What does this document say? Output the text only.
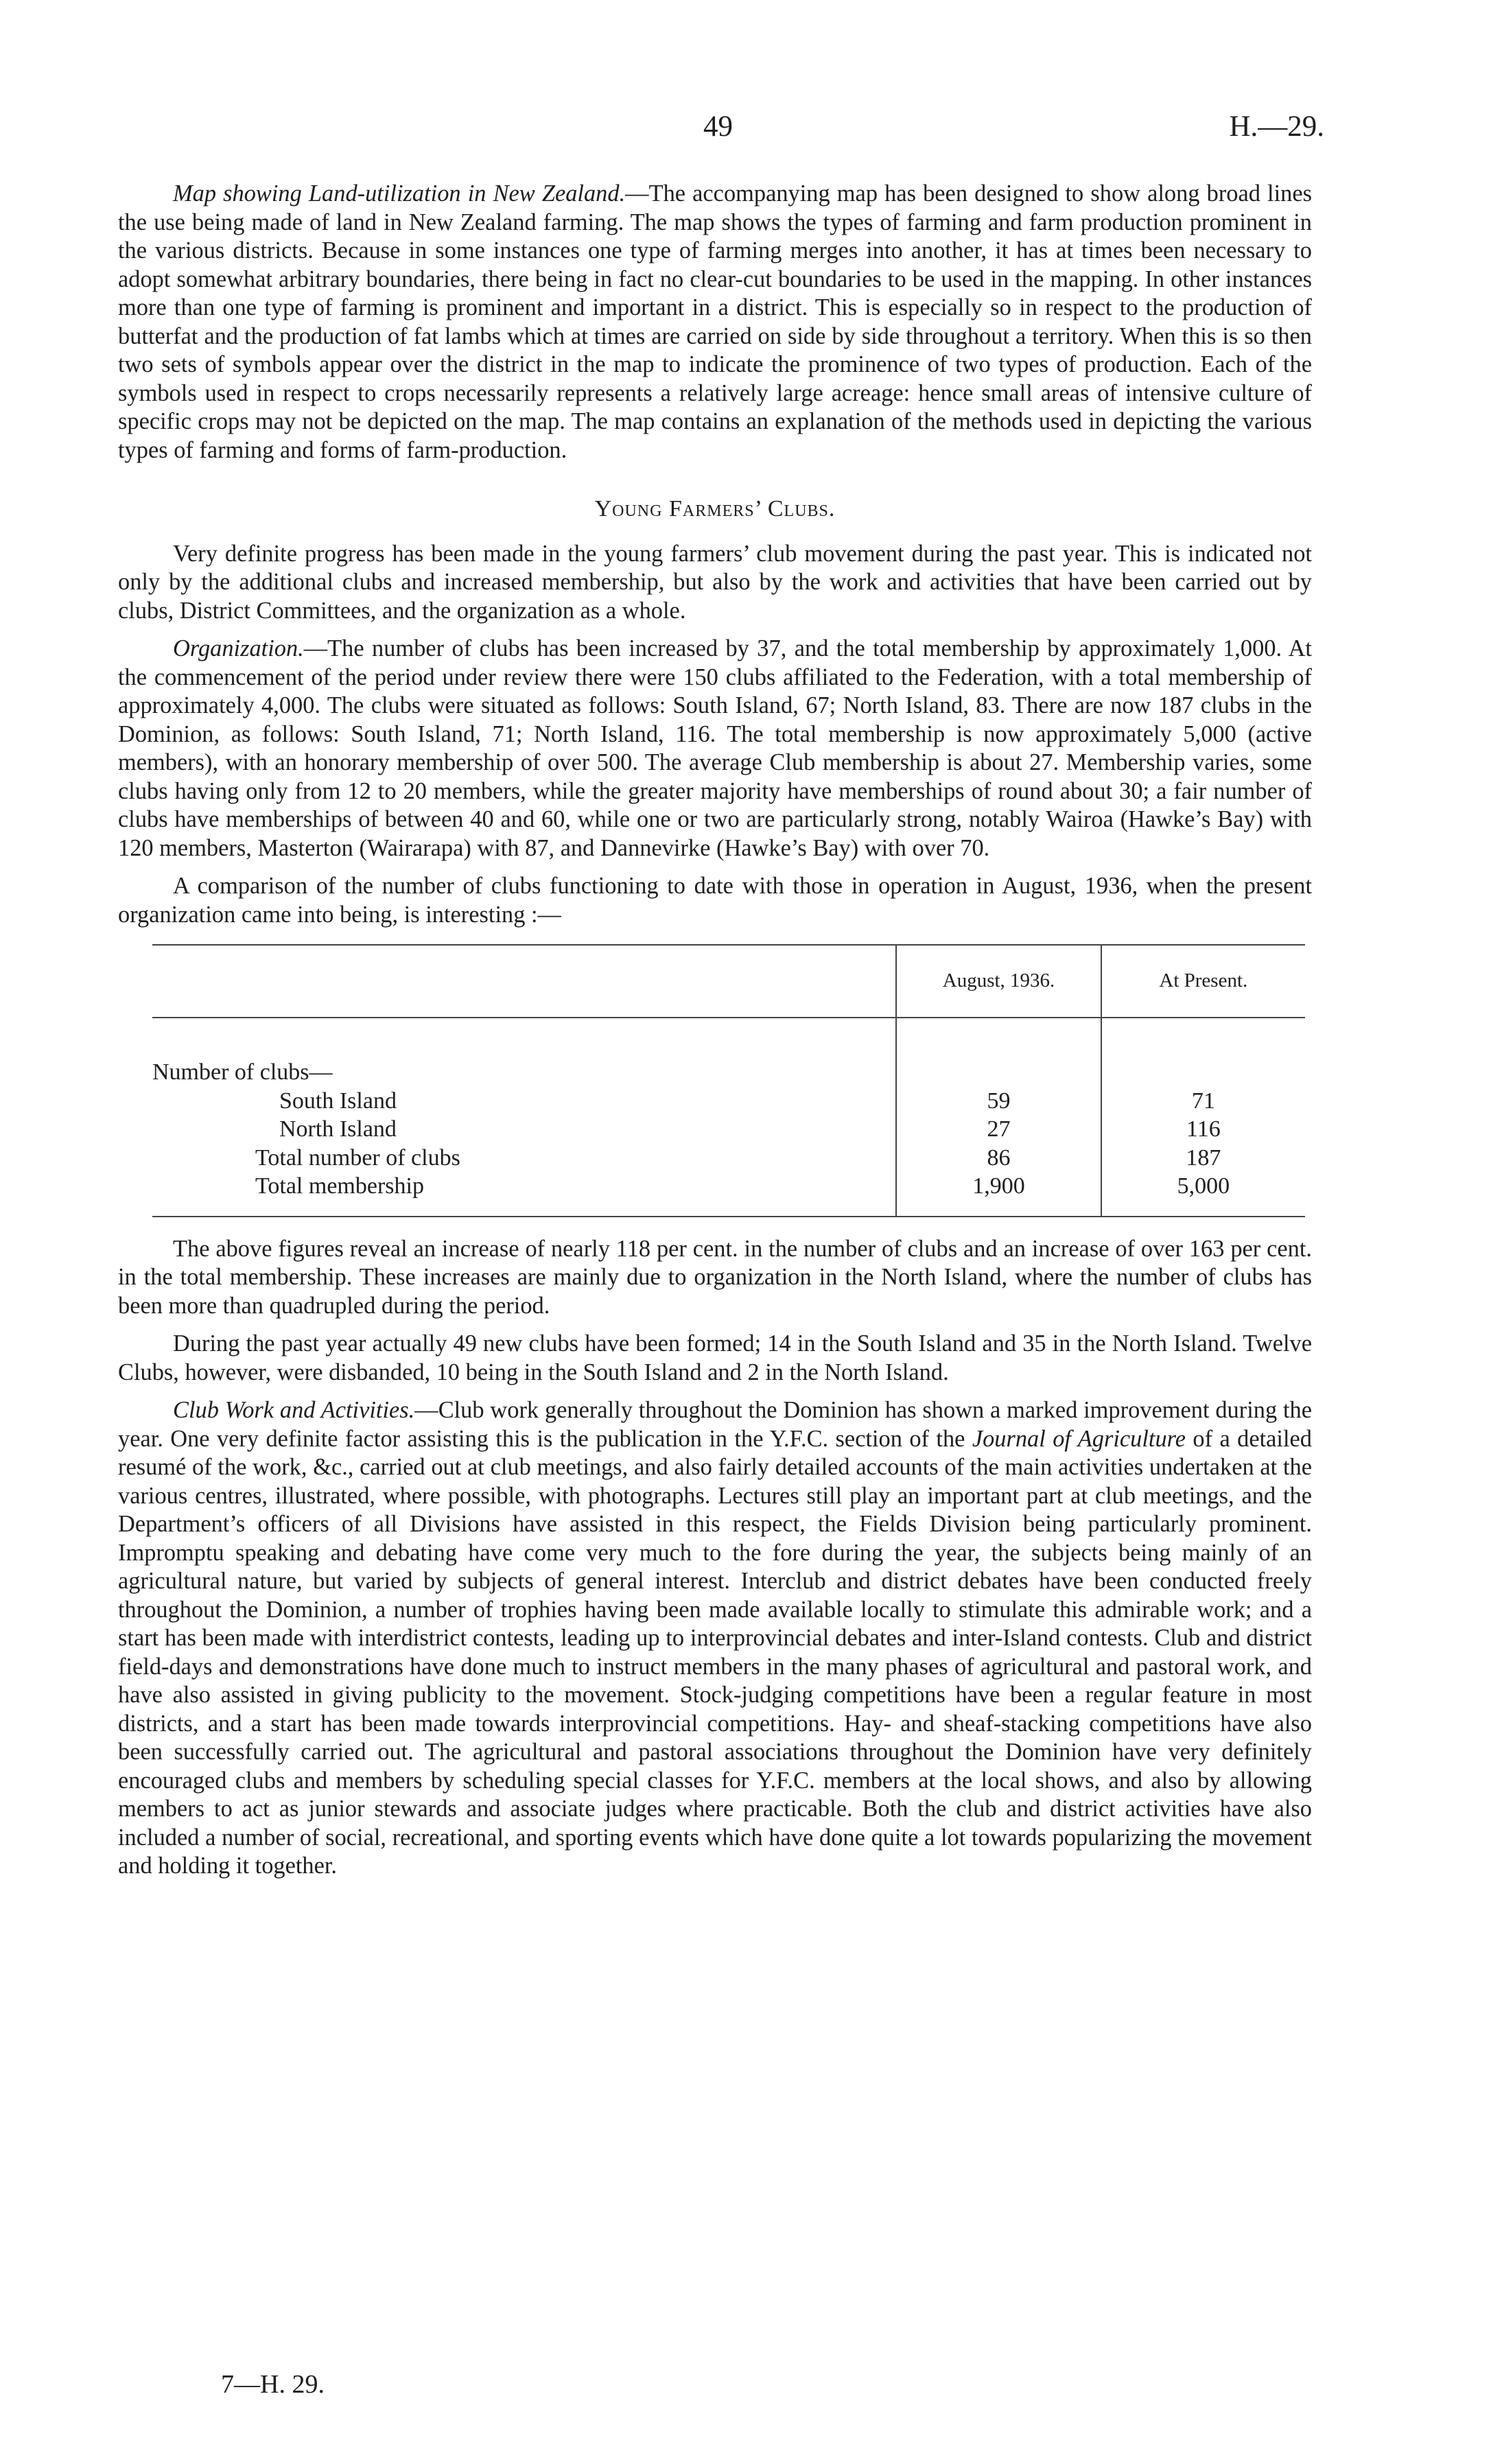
49	H.—29.

Map showing Land-utilization in New Zealand.—The accompanying map has been designed to show along broad lines the use being made of land in New Zealand farming. The map shows the types of farming and farm production prominent in the various districts. Because in some instances one type of farming merges into another, it has at times been necessary to adopt somewhat arbitrary boundaries, there being in fact no clear-cut boundaries to be used in the mapping. In other instances more than one type of farming is prominent and important in a district. This is especially so in respect to the production of butterfat and the production of fat lambs which at times are carried on side by side throughout a territory. When this is so then two sets of symbols appear over the district in the map to indicate the prominence of two types of production. Each of the symbols used in respect to crops necessarily represents a relatively large acreage: hence small areas of intensive culture of specific crops may not be depicted on the map. The map contains an explanation of the methods used in depicting the various types of farming and forms of farm-production.

Young Farmers’ Clubs.

Very definite progress has been made in the young farmers’ club movement during the past year. This is indicated not only by the additional clubs and increased membership, but also by the work and activities that have been carried out by clubs, District Committees, and the organization as a whole.

Organization.—The number of clubs has been increased by 37, and the total membership by approximately 1,000. At the commencement of the period under review there were 150 clubs affiliated to the Federation, with a total membership of approximately 4,000. The clubs were situated as follows: South Island, 67; North Island, 83. There are now 187 clubs in the Dominion, as follows: South Island, 71; North Island, 116. The total membership is now approximately 5,000 (active members), with an honorary membership of over 500. The average Club membership is about 27. Membership varies, some clubs having only from 12 to 20 members, while the greater majority have memberships of round about 30; a fair number of clubs have memberships of between 40 and 60, while one or two are particularly strong, notably Wairoa (Hawke’s Bay) with 120 members, Masterton (Wairarapa) with 87, and Dannevirke (Hawke’s Bay) with over 70.

A comparison of the number of clubs functioning to date with those in operation in August, 1936, when the present organization came into being, is interesting :—

	August, 1936.	At Present.
Number of clubs—		
South Island	59	71
North Island	27	116
Total number of clubs	86	187
Total membership	1,900	5,000

The above figures reveal an increase of nearly 118 per cent. in the number of clubs and an increase of over 163 per cent. in the total membership. These increases are mainly due to organization in the North Island, where the number of clubs has been more than quadrupled during the period.

During the past year actually 49 new clubs have been formed; 14 in the South Island and 35 in the North Island. Twelve Clubs, however, were disbanded, 10 being in the South Island and 2 in the North Island.

Club Work and Activities.—Club work generally throughout the Dominion has shown a marked improvement during the year. One very definite factor assisting this is the publication in the Y.F.C. section of the Journal of Agriculture of a detailed resumé of the work, &c., carried out at club meetings, and also fairly detailed accounts of the main activities undertaken at the various centres, illustrated, where possible, with photographs. Lectures still play an important part at club meetings, and the Department’s officers of all Divisions have assisted in this respect, the Fields Division being particularly prominent. Impromptu speaking and debating have come very much to the fore during the year, the subjects being mainly of an agricultural nature, but varied by subjects of general interest. Interclub and district debates have been conducted freely throughout the Dominion, a number of trophies having been made available locally to stimulate this admirable work; and a start has been made with interdistrict contests, leading up to interprovincial debates and inter-Island contests. Club and district field-days and demonstrations have done much to instruct members in the many phases of agricultural and pastoral work, and have also assisted in giving publicity to the movement. Stock-judging competitions have been a regular feature in most districts, and a start has been made towards interprovincial competitions. Hay- and sheaf-stacking competitions have also been successfully carried out. The agricultural and pastoral associations throughout the Dominion have very definitely encouraged clubs and members by scheduling special classes for Y.F.C. members at the local shows, and also by allowing members to act as junior stewards and associate judges where practicable. Both the club and district activities have also included a number of social, recreational, and sporting events which have done quite a lot towards popularizing the movement and holding it together.

7—H. 29.
